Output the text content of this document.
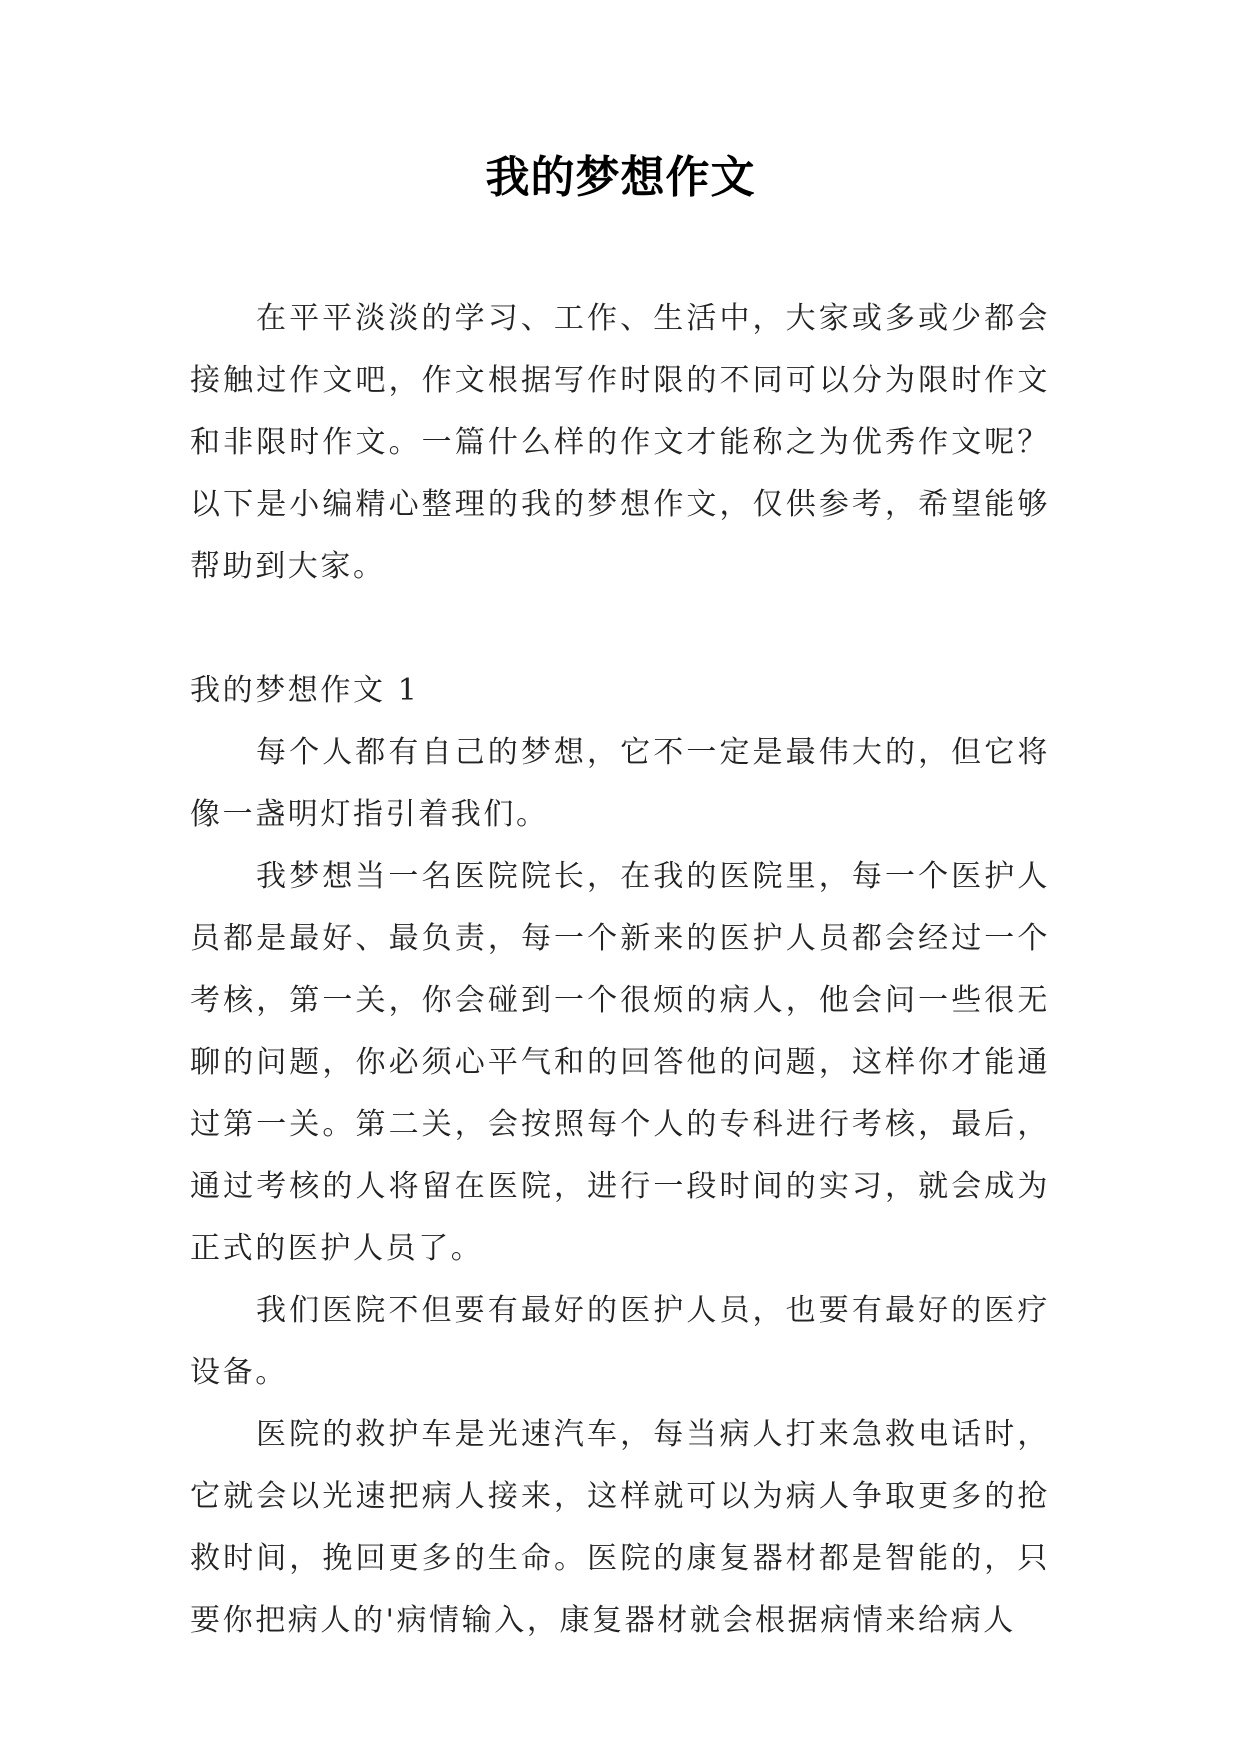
我的梦想作文

在平平淡淡的学习、工作、生活中，大家或多或少都会接触过作文吧，作文根据写作时限的不同可以分为限时作文和非限时作文。一篇什么样的作文才能称之为优秀作文呢？以下是小编精心整理的我的梦想作文，仅供参考，希望能够帮助到大家。

我的梦想作文 1

每个人都有自己的梦想，它不一定是最伟大的，但它将像一盏明灯指引着我们。

我梦想当一名医院院长，在我的医院里，每一个医护人员都是最好、最负责，每一个新来的医护人员都会经过一个考核，第一关，你会碰到一个很烦的病人，他会问一些很无聊的问题，你必须心平气和的回答他的问题，这样你才能通过第一关。第二关，会按照每个人的专科进行考核，最后，通过考核的人将留在医院，进行一段时间的实习，就会成为正式的医护人员了。

我们医院不但要有最好的医护人员，也要有最好的医疗设备。

医院的救护车是光速汽车，每当病人打来急救电话时，它就会以光速把病人接来，这样就可以为病人争取更多的抢救时间，挽回更多的生命。医院的康复器材都是智能的，只要你把病人的'病情输入，康复器材就会根据病情来给病人
